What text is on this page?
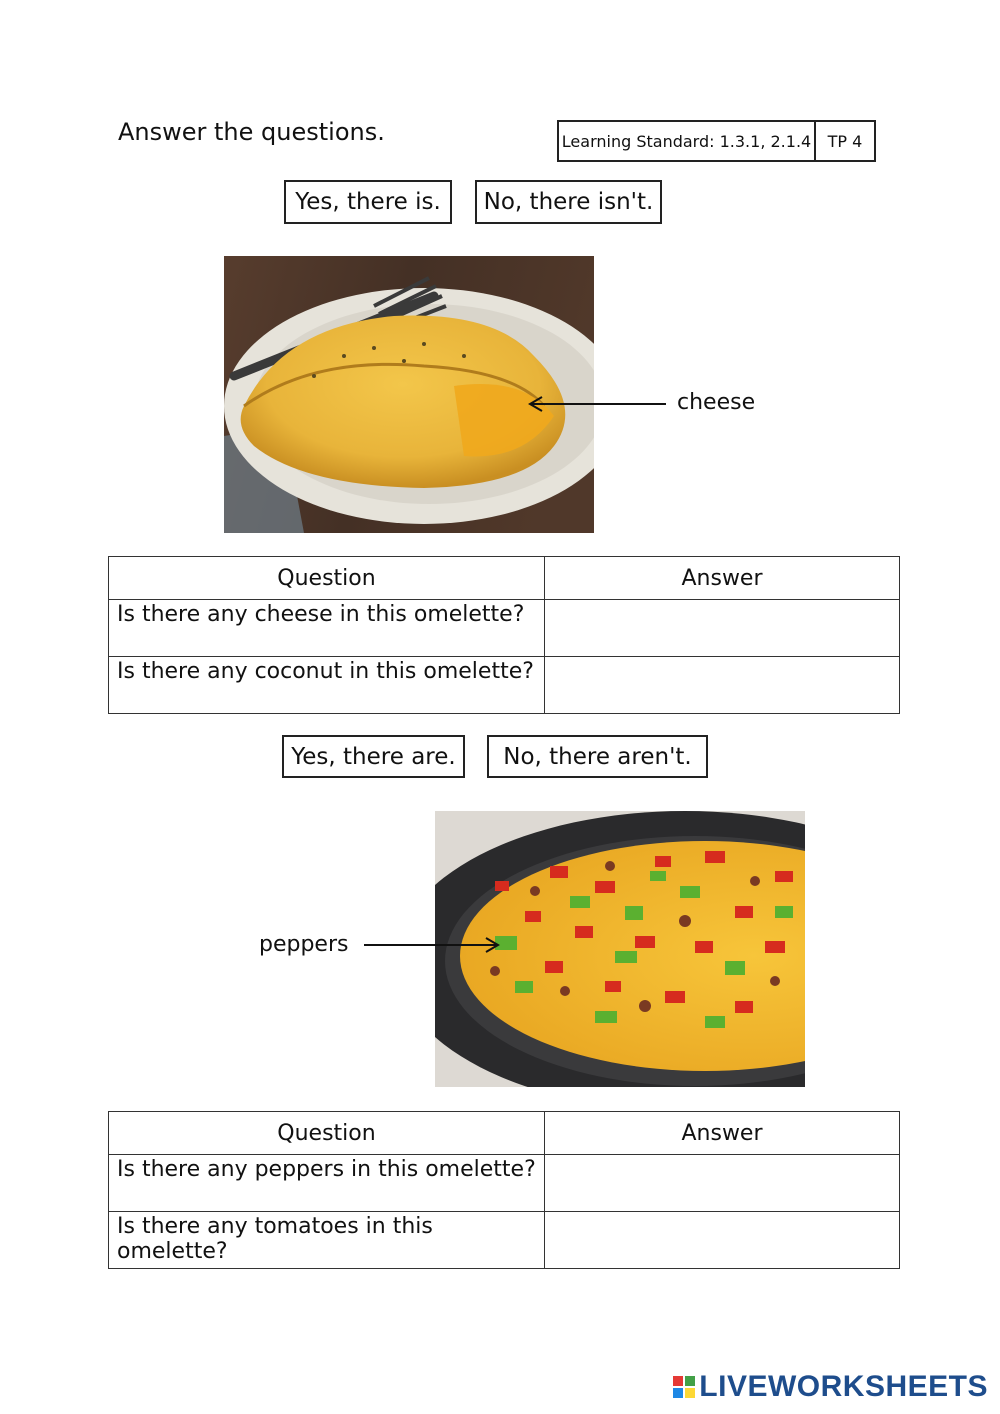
Answer the questions.	Learning Standard: 1.3.1, 2.1.4	TP 4
Yes, there is.	No, there isn't.
cheese
Question	Answer
Is there any cheese in this omelette?	
Is there any coconut in this omelette?	
Yes, there are.	No, there aren't.
peppers
Question	Answer
Is there any peppers in this omelette?	
Is there any tomatoes in this omelette?	
LIVEWORKSHEETS
